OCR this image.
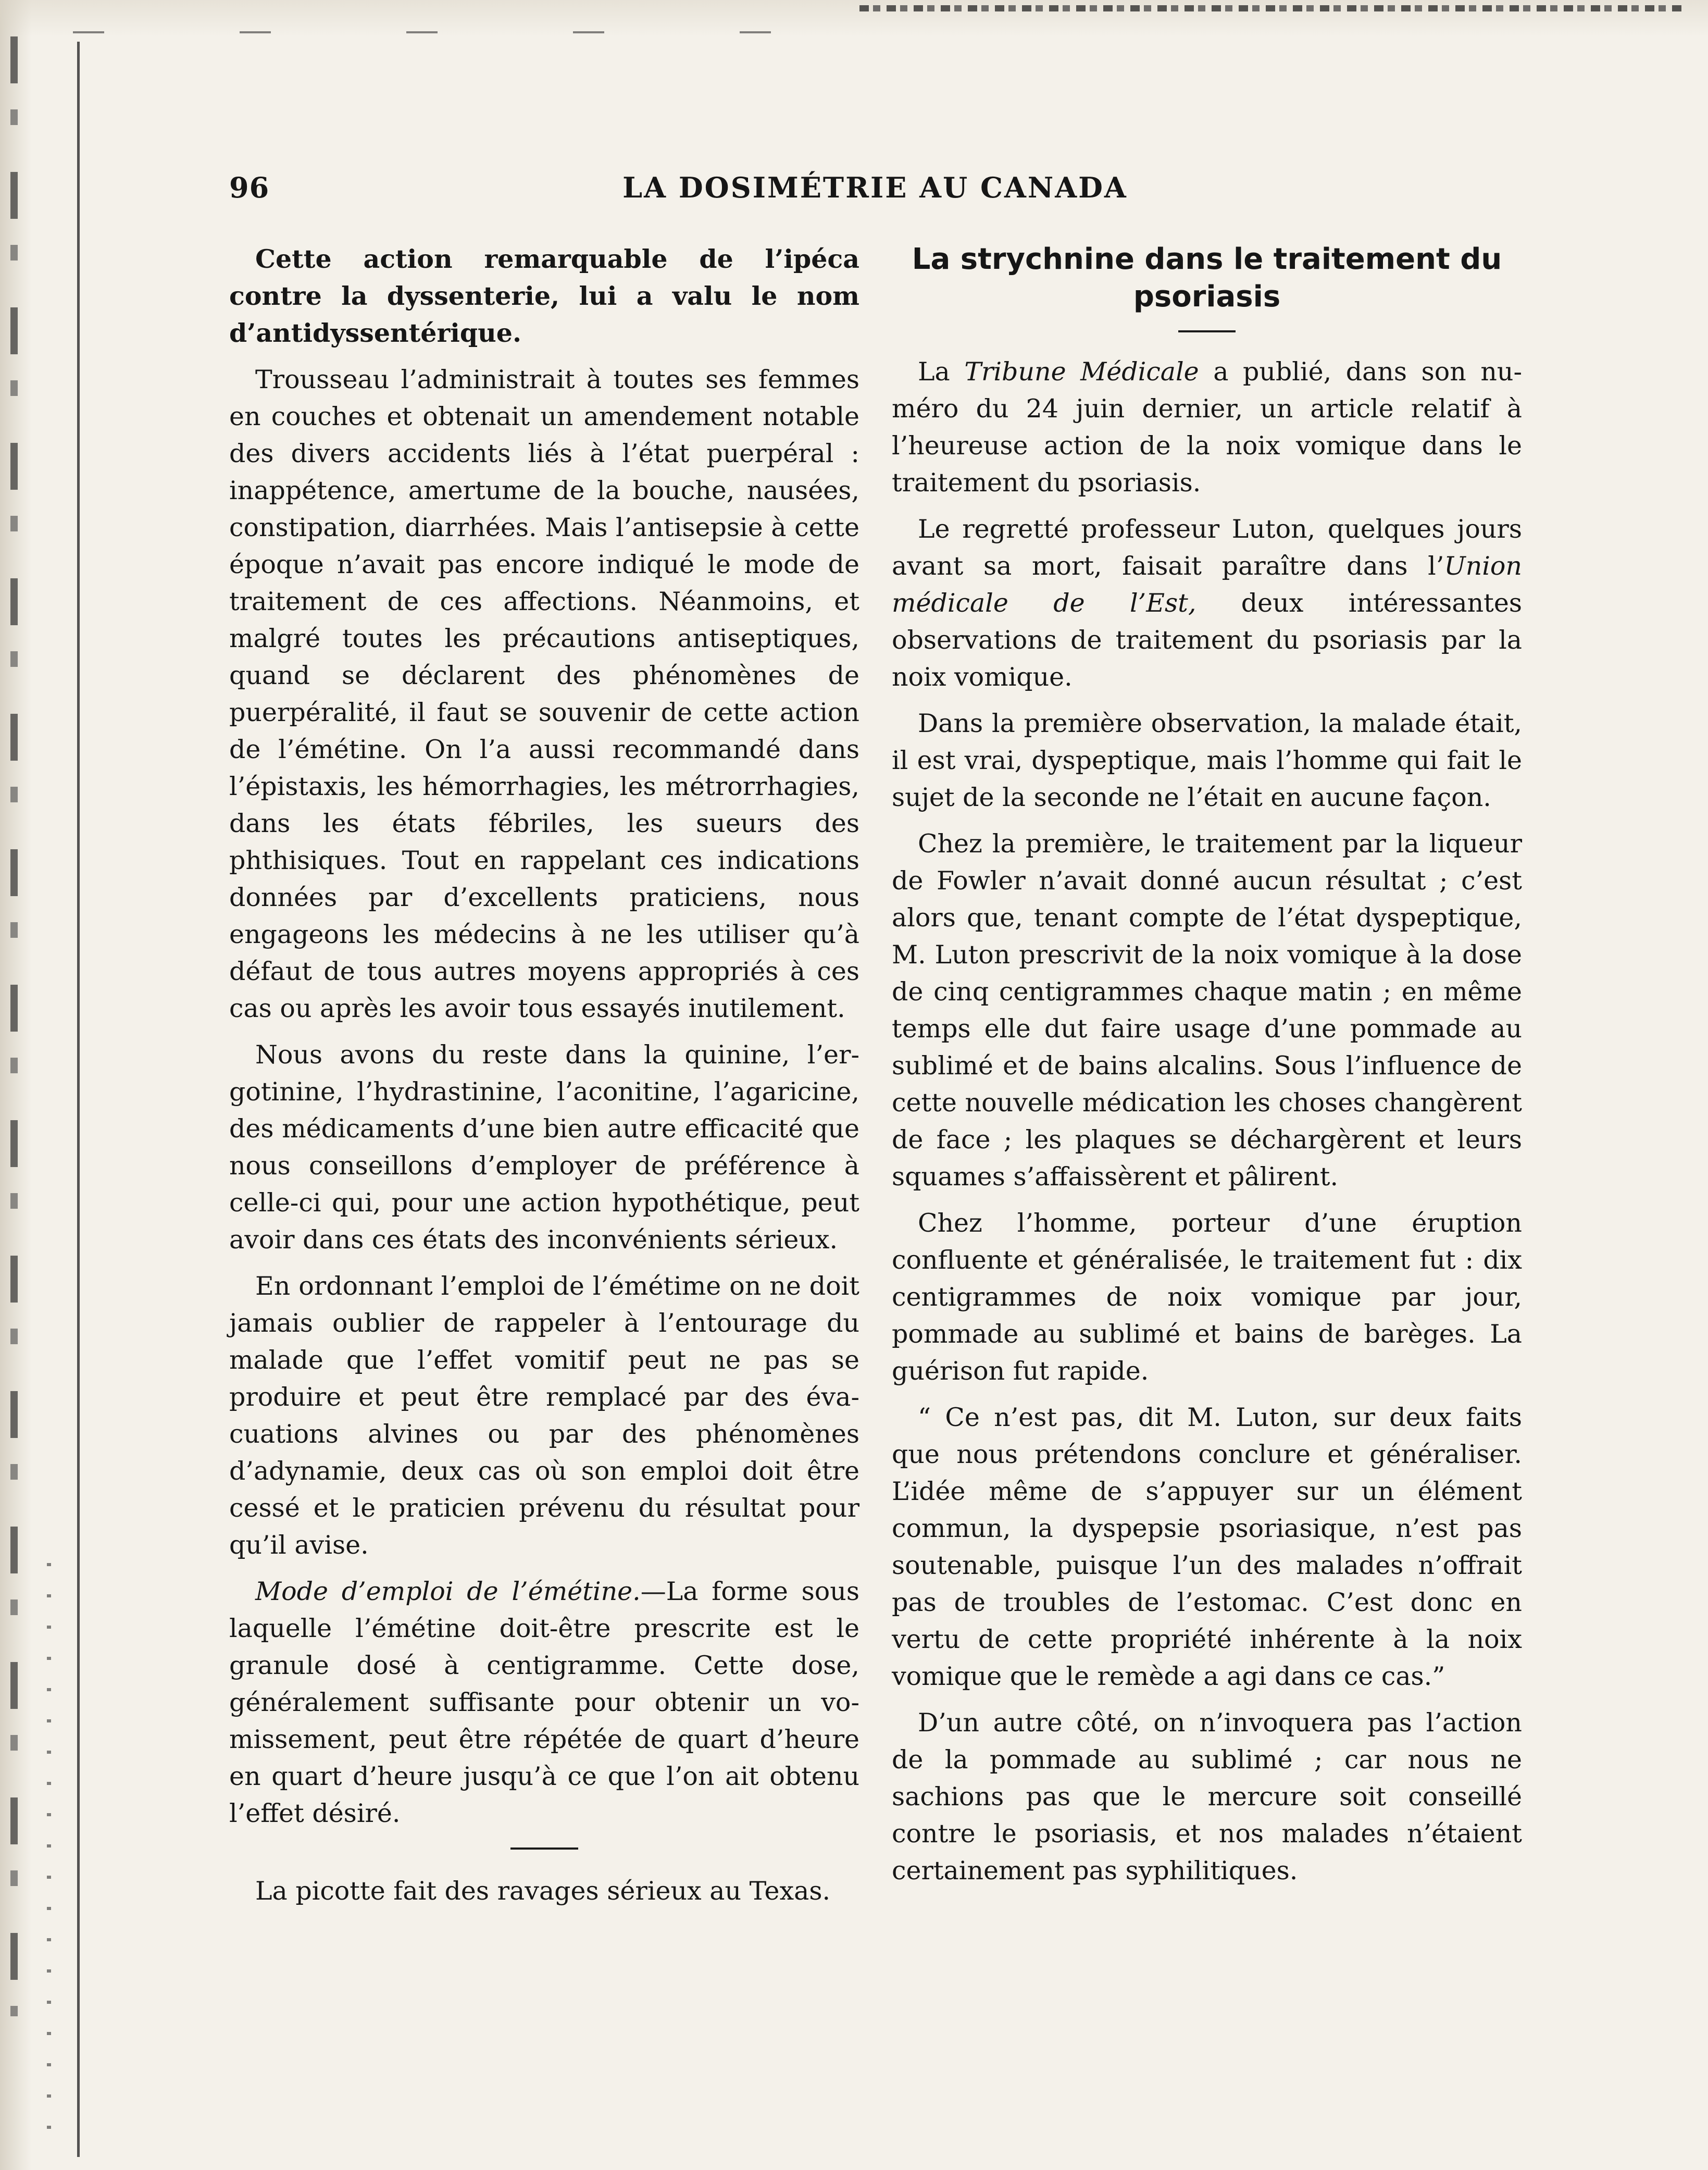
96	LA DOSIMÉTRIE AU CANADA

Cette action remarquable de l’ipéca contre la dyssenterie, lui a valu le nom d’antidyssentérique.

Trousseau l’administrait à toutes ses femmes en couches et obtenait un amendement notable des divers accidents liés à l’état puerpéral : inappétence, amertume de la bouche, nausées, constipation, diarrhées. Mais l’antisepsie à cette époque n’avait pas encore indiqué le mode de traitement de ces affections. Néanmoins, et malgré toutes les précautions antiseptiques, quand se déclarent des phénomènes de puerpéralité, il faut se souvenir de cette action de l’émétine. On l’a aussi recommandé dans l’épistaxis, les hémorrhagies, les métrorrhagies, dans les états fébriles, les sueurs des phthisiques. Tout en rappelant ces indications données par d’excellents praticiens, nous engageons les médecins à ne les utiliser qu’à défaut de tous autres moyens appropriés à ces cas ou après les avoir tous essayés inutilement.

Nous avons du reste dans la quinine, l’ergotinine, l’hydrastinine, l’aconitine, l’agaricine, des médicaments d’une bien autre efficacité que nous conseillons d’employer de préférence à celle-ci qui, pour une action hypothétique, peut avoir dans ces états des inconvénients sérieux.

En ordonnant l’emploi de l’émétime on ne doit jamais oublier de rappeler à l’entourage du malade que l’effet vomitif peut ne pas se produire et peut être remplacé par des évacuations alvines ou par des phénomènes d’adynamie, deux cas où son emploi doit être cessé et le praticien prévenu du résultat pour qu’il avise.

Mode d’emploi de l’émétine.—La forme sous laquelle l’émétine doit-être prescrite est le granule dosé à centigramme. Cette dose, généralement suffisante pour obtenir un vomissement, peut être répétée de quart d’heure en quart d’heure jusqu’à ce que l’on ait obtenu l’effet désiré.

La picotte fait des ravages sérieux au Texas.

La strychnine dans le traitement du psoriasis

La Tribune Médicale a publié, dans son numéro du 24 juin dernier, un article relatif à l’heureuse action de la noix vomique dans le traitement du psoriasis.

Le regretté professeur Luton, quelques jours avant sa mort, faisait paraître dans l’Union médicale de l’Est, deux intéressantes observations de traitement du psoriasis par la noix vomique.

Dans la première observation, la malade était, il est vrai, dyspeptique, mais l’homme qui fait le sujet de la seconde ne l’était en aucune façon.

Chez la première, le traitement par la liqueur de Fowler n’avait donné aucun résultat ; c’est alors que, tenant compte de l’état dyspeptique, M. Luton prescrivit de la noix vomique à la dose de cinq centigrammes chaque matin ; en même temps elle dut faire usage d’une pommade au sublimé et de bains alcalins. Sous l’influence de cette nouvelle médication les choses changèrent de face ; les plaques se déchargèrent et leurs squames s’affaissèrent et pâlirent.

Chez l’homme, porteur d’une éruption confluente et généralisée, le traitement fut : dix centigrammes de noix vomique par jour, pommade au sublimé et bains de barèges. La guérison fut rapide.

“ Ce n’est pas, dit M. Luton, sur deux faits que nous prétendons conclure et généraliser. L’idée même de s’appuyer sur un élément commun, la dyspepsie psoriasique, n’est pas soutenable, puisque l’un des malades n’offrait pas de troubles de l’estomac. C’est donc en vertu de cette propriété inhérente à la noix vomique que le remède a agi dans ce cas.”

D’un autre côté, on n’invoquera pas l’action de la pommade au sublimé ; car nous ne sachions pas que le mercure soit conseillé contre le psoriasis, et nos malades n’étaient certainement pas syphilitiques.
